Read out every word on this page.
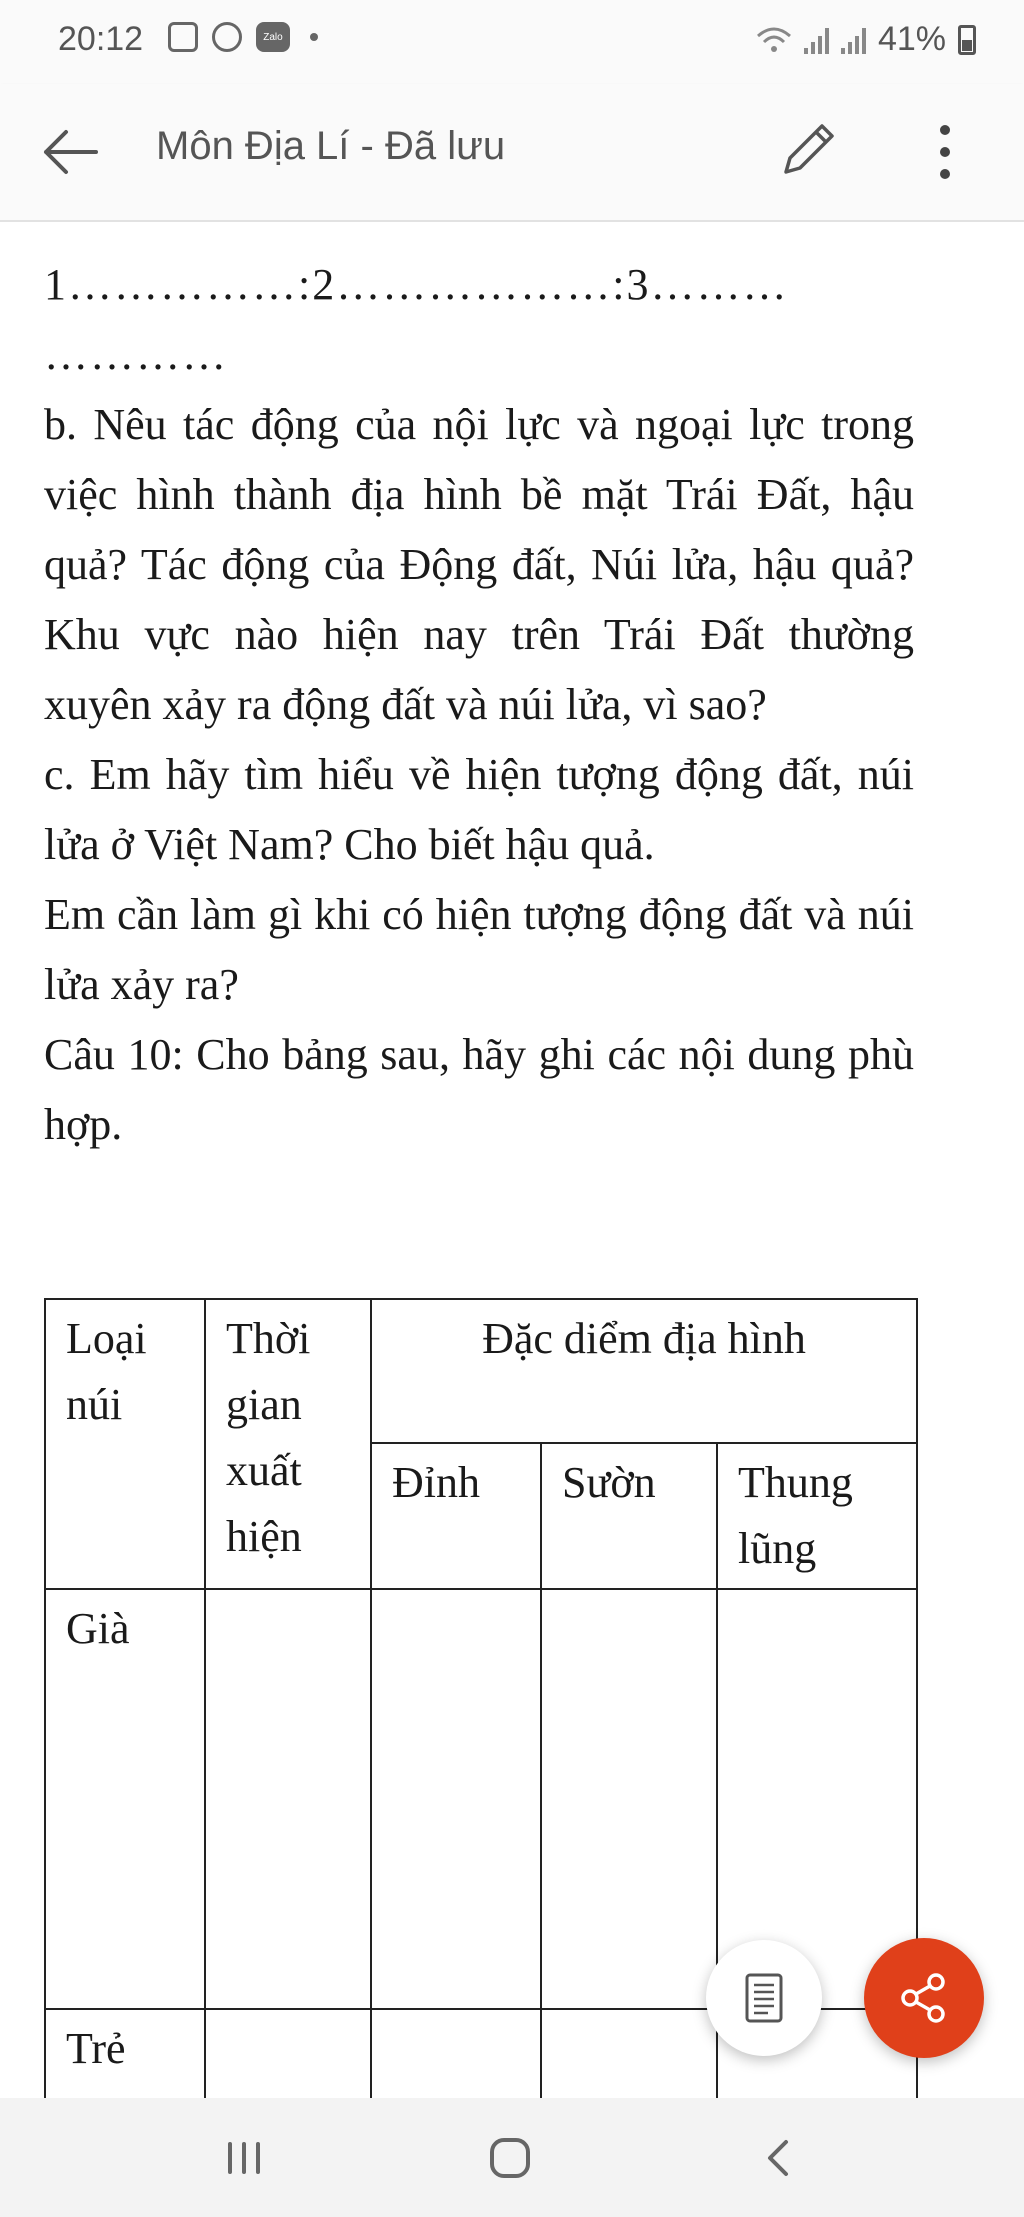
20:12	Zalo	41%
Môn Địa Lí - Đã lưu

1……………:2………………:3………

…………

b. Nêu tác động của nội lực và ngoại lực trong việc hình thành địa hình bề mặt Trái Đất, hậu quả? Tác động của Động đất, Núi lửa, hậu quả? Khu vực nào hiện nay trên Trái Đất thường xuyên xảy ra động đất và núi lửa, vì sao?

c. Em hãy tìm hiểu về hiện tượng động đất, núi lửa ở Việt Nam? Cho biết hậu quả.

Em cần làm gì khi có hiện tượng động đất và núi lửa xảy ra?

Câu 10: Cho bảng sau, hãy ghi các nội dung phù hợp.

Loại núi	Thời gian xuất hiện	Đặc diểm địa hình		
		Đỉnh	Sườn	Thung lũng
Già				
Trẻ				
